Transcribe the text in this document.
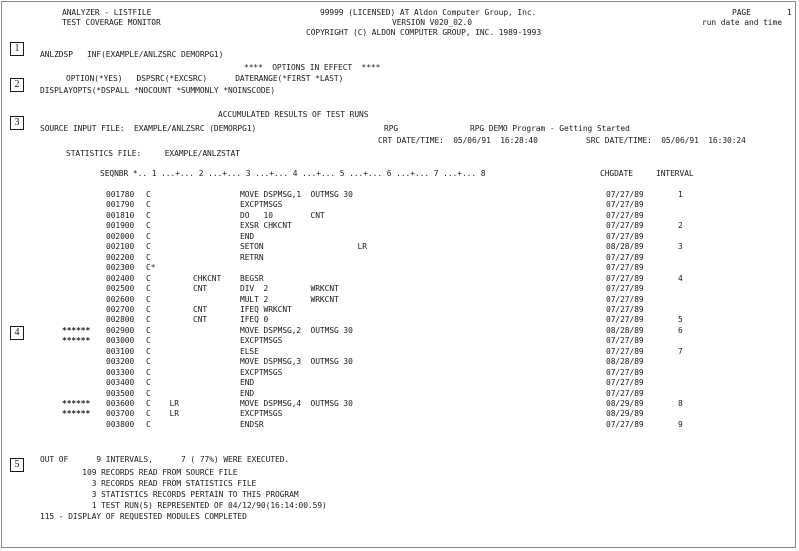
ANALYZER - LISTFILE	99999 (LICENSED) AT Aldon Computer Group, Inc.	PAGE	1
TEST COVERAGE MONITOR	VERSION V020_02.0	run date and time
COPYRIGHT (C) ALDON COMPUTER GROUP, INC. 1989-1993
1
2
3
4
5
ANLZDSP   INF(EXAMPLE/ANLZSRC DEMORPG1)
****  OPTIONS IN EFFECT  ****
OPTION(*YES)   DSPSRC(*EXCSRC)      DATERANGE(*FIRST *LAST)
DISPLAYOPTS(*DSPALL *NOCOUNT *SUMMONLY *NOINSCODE)
ACCUMULATED RESULTS OF TEST RUNS
SOURCE INPUT FILE:  EXAMPLE/ANLZSRC (DEMORPG1)	RPG	RPG DEMO Program - Getting Started
CRT DATE/TIME:  05/06/91  16:28:40	SRC DATE/TIME:  05/06/91  16:30:24
STATISTICS FILE:     EXAMPLE/ANLZSTAT
SEQNBR *.. 1 ...+... 2 ...+... 3 ...+... 4 ...+... 5 ...+... 6 ...+... 7 ...+... 8	CHGDATE	INTERVAL
001780 C                   MOVE DSPMSG,1  OUTMSG 30	07/27/89	1
001790 C                   EXCPTMSGS	07/27/89
001810 C                   DO   10        CNT	07/27/89
001900 C                   EXSR CHKCNT	07/27/89	2
002000 C                   END	07/27/89
002100 C                   SETON                    LR	08/28/89	3
002200 C                   RETRN	07/27/89
002300 C*	07/27/89
002400 C         CHKCNT    BEGSR	07/27/89	4
002500 C         CNT       DIV  2         WRKCNT	07/27/89
002600 C                   MULT 2         WRKCNT	07/27/89
002700 C         CNT       IFEQ WRKCNT	07/27/89
002800 C         CNT       IFEQ 0	07/27/89	5
****** 002900 C                   MOVE DSPMSG,2  OUTMSG 30	08/28/89	6
****** 003000 C                   EXCPTMSGS	07/27/89
003100 C                   ELSE	07/27/89	7
003200 C                   MOVE DSPMSG,3  OUTMSG 30	08/28/89
003300 C                   EXCPTMSGS	07/27/89
003400 C                   END	07/27/89
003500 C                   END	07/27/89
****** 003600 C    LR             MOVE DSPMSG,4  OUTMSG 30	08/29/89	8
****** 003700 C    LR             EXCPTMSGS	08/29/89
003800 C                   ENDSR	07/27/89	9
OUT OF      9 INTERVALS,      7 ( 77%) WERE EXECUTED.
109 RECORDS READ FROM SOURCE FILE
3 RECORDS READ FROM STATISTICS FILE
3 STATISTICS RECORDS PERTAIN TO THIS PROGRAM
1 TEST RUN(S) REPRESENTED OF 04/12/90(16:14:00.59)
115 - DISPLAY OF REQUESTED MODULES COMPLETED
